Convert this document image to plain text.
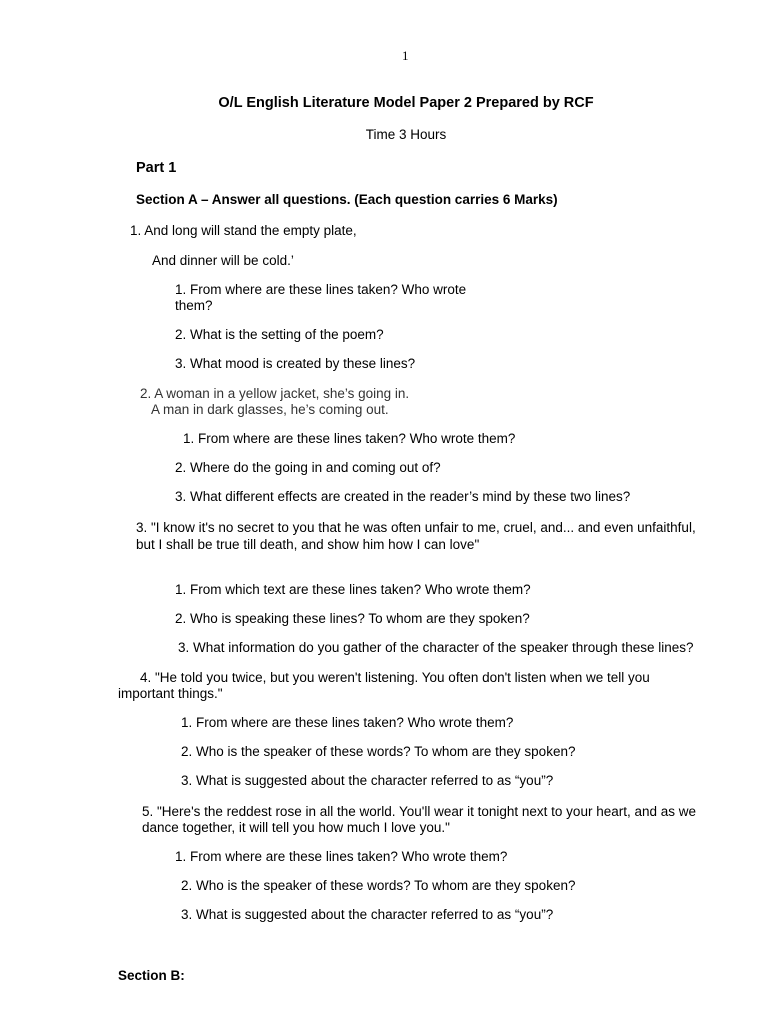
1
O/L English Literature Model Paper 2 Prepared by RCF
Time 3 Hours
Part 1
Section A – Answer all questions. (Each question carries 6 Marks)
1. And long will stand the empty plate,
And dinner will be cold.’
1. From where are these lines taken? Who wrote
them?
2. What is the setting of the poem?
3. What mood is created by these lines?
2. A woman in a yellow jacket, she’s going in.
A man in dark glasses, he’s coming out.
1. From where are these lines taken? Who wrote them?
2. Where do the going in and coming out of?
3. What different effects are created in the reader’s mind by these two lines?
3. "I know it's no secret to you that he was often unfair to me, cruel, and... and even unfaithful,
but I shall be true till death, and show him how I can love"
1. From which text are these lines taken? Who wrote them?
2. Who is speaking these lines? To whom are they spoken?
3. What information do you gather of the character of the speaker through these lines?
4. "He told you twice, but you weren't listening. You often don't listen when we tell you
important things."
1. From where are these lines taken? Who wrote them?
2. Who is the speaker of these words? To whom are they spoken?
3. What is suggested about the character referred to as “you”?
5. "Here's the reddest rose in all the world. You'll wear it tonight next to your heart, and as we
dance together, it will tell you how much I love you."
1. From where are these lines taken? Who wrote them?
2. Who is the speaker of these words? To whom are they spoken?
3. What is suggested about the character referred to as “you”?
Section B:
